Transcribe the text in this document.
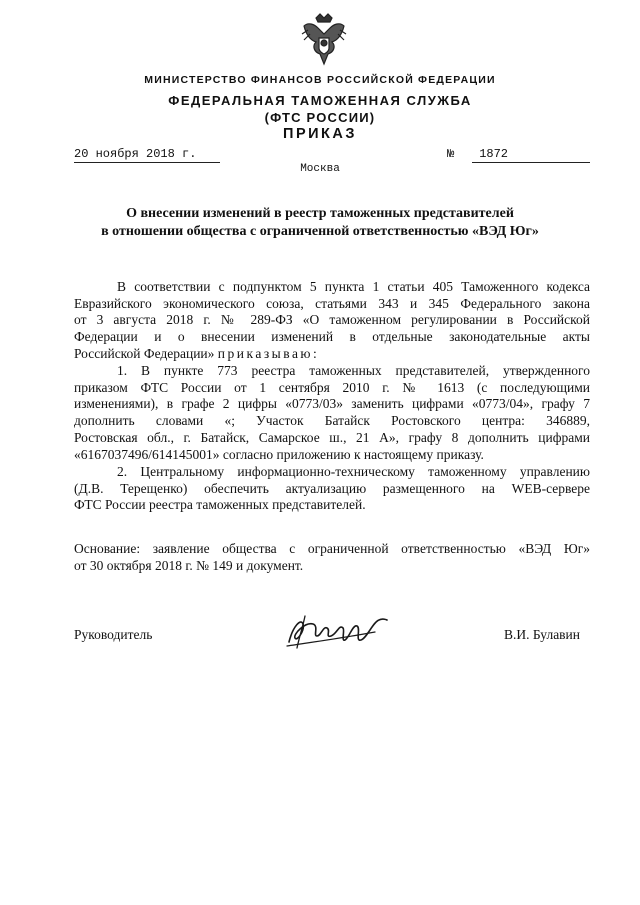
МИНИСТЕРСТВО ФИНАНСОВ РОССИЙСКОЙ ФЕДЕРАЦИИ
ФЕДЕРАЛЬНАЯ ТАМОЖЕННАЯ СЛУЖБА
(ФТС РОССИИ)
ПРИКАЗ
20 ноября 2018 г.	№	1872
Москва
О внесении изменений в реестр таможенных представителей
в отношении общества с ограниченной ответственностью «ВЭД Юг»

В соответствии с подпунктом 5 пункта 1 статьи 405 Таможенного кодекса

Евразийского экономического союза, статьями 343 и 345 Федерального закона

от 3 августа 2018 г. № 289-ФЗ «О таможенном регулировании в Российской

Федерации и о внесении изменений в отдельные законодательные акты

Российской Федерации» приказываю:

1. В пункте 773 реестра таможенных представителей, утвержденного

приказом ФТС России от 1 сентября 2010 г. № 1613 (с последующими

изменениями), в графе 2 цифры «0773/03» заменить цифрами «0773/04», графу 7

дополнить словами «; Участок Батайск Ростовского центра: 346889,

Ростовская обл., г. Батайск, Самарское ш., 21 А», графу 8 дополнить цифрами

«6167037496/614145001» согласно приложению к настоящему приказу.

2. Центральному информационно-техническому таможенному управлению

(Д.В. Терещенко) обеспечить актуализацию размещенного на WEB-сервере

ФТС России реестра таможенных представителей.

Основание: заявление общества с ограниченной ответственностью «ВЭД Юг»

от 30 октября 2018 г. № 149 и документ.

Руководитель	В.И. Булавин
